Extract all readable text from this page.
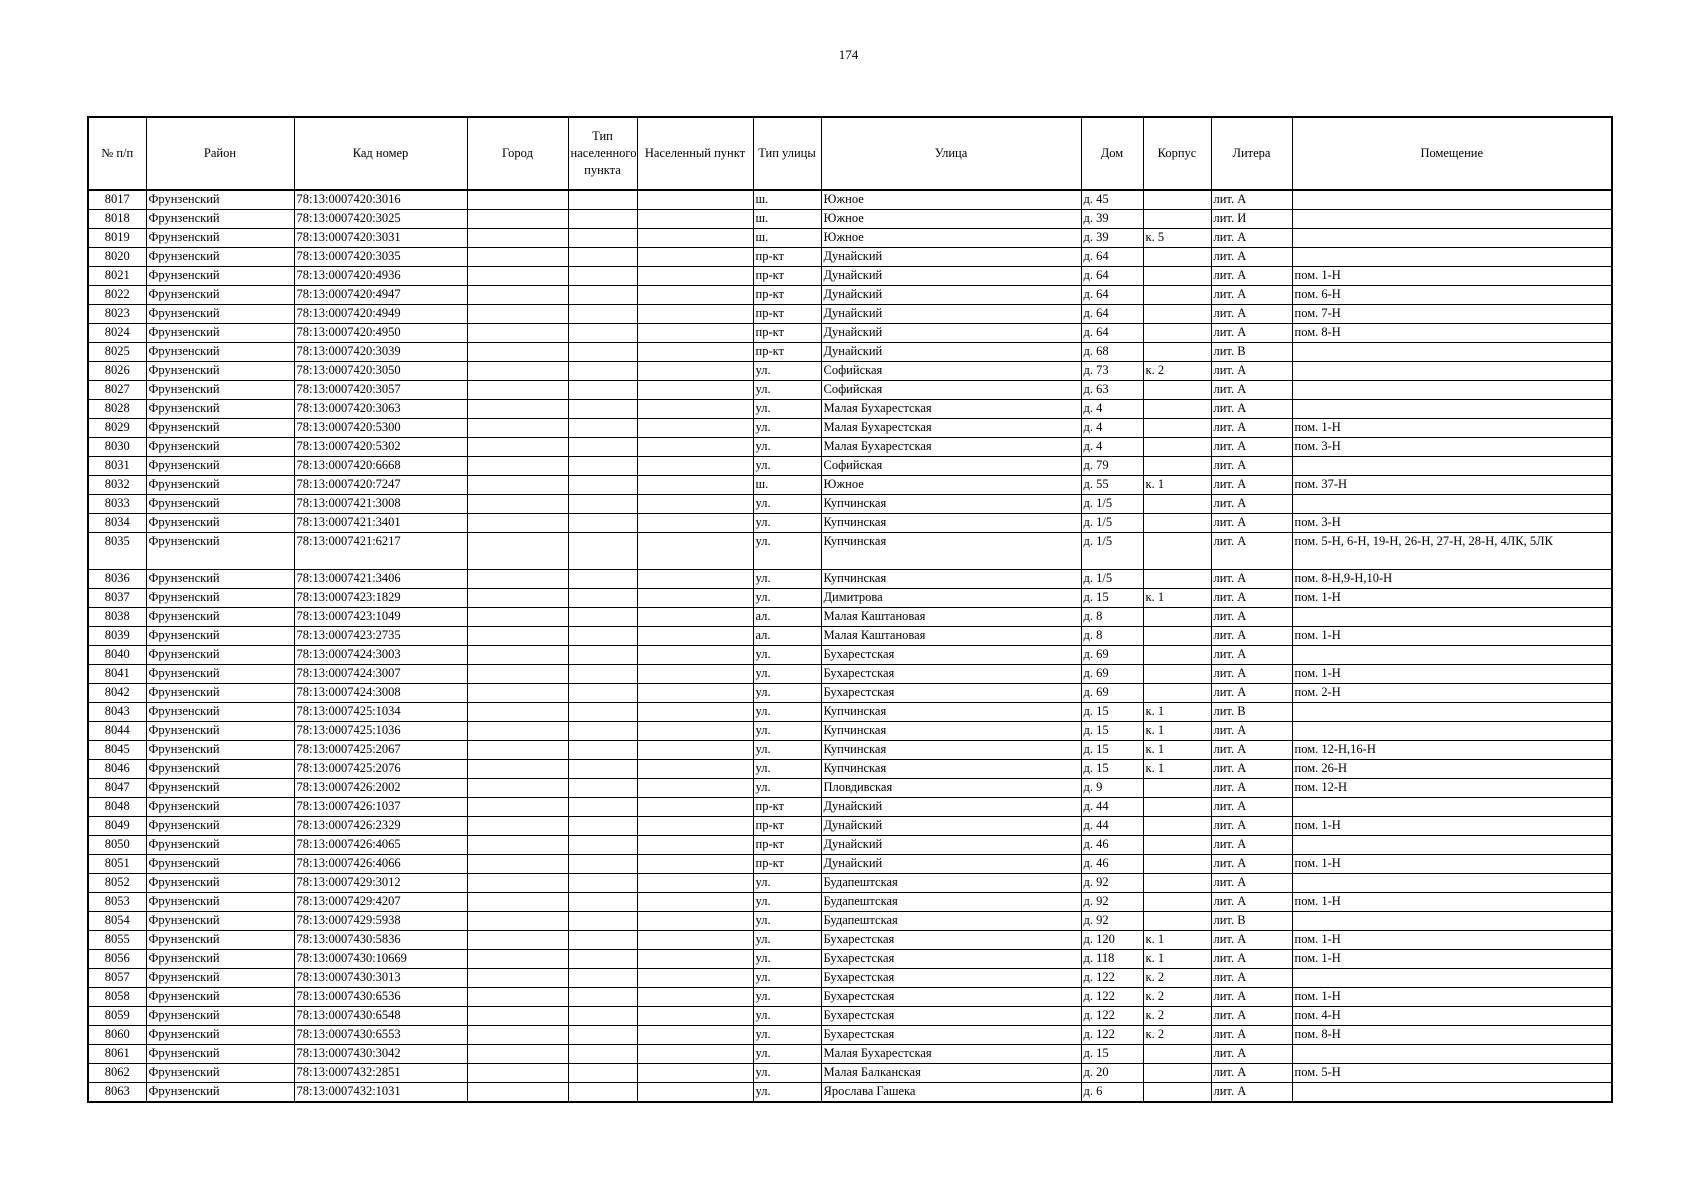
174
№ п/п	Район	Кад номер	Город	Тип населенного пункта	Населенный пункт	Тип улицы	Улица	Дом	Корпус	Литера	Помещение
8017	Фрунзенский	78:13:0007420:3016				ш.	Южное	д. 45		лит. А	
8018	Фрунзенский	78:13:0007420:3025				ш.	Южное	д. 39		лит. И	
8019	Фрунзенский	78:13:0007420:3031				ш.	Южное	д. 39	к. 5	лит. А	
8020	Фрунзенский	78:13:0007420:3035				пр-кт	Дунайский	д. 64		лит. А	
8021	Фрунзенский	78:13:0007420:4936				пр-кт	Дунайский	д. 64		лит. А	пом. 1-Н
8022	Фрунзенский	78:13:0007420:4947				пр-кт	Дунайский	д. 64		лит. А	пом. 6-Н
8023	Фрунзенский	78:13:0007420:4949				пр-кт	Дунайский	д. 64		лит. А	пом. 7-Н
8024	Фрунзенский	78:13:0007420:4950				пр-кт	Дунайский	д. 64		лит. А	пом. 8-Н
8025	Фрунзенский	78:13:0007420:3039				пр-кт	Дунайский	д. 68		лит. В	
8026	Фрунзенский	78:13:0007420:3050				ул.	Софийская	д. 73	к. 2	лит. А	
8027	Фрунзенский	78:13:0007420:3057				ул.	Софийская	д. 63		лит. А	
8028	Фрунзенский	78:13:0007420:3063				ул.	Малая Бухарестская	д. 4		лит. А	
8029	Фрунзенский	78:13:0007420:5300				ул.	Малая Бухарестская	д. 4		лит. А	пом. 1-Н
8030	Фрунзенский	78:13:0007420:5302				ул.	Малая Бухарестская	д. 4		лит. А	пом. 3-Н
8031	Фрунзенский	78:13:0007420:6668				ул.	Софийская	д. 79		лит. А	
8032	Фрунзенский	78:13:0007420:7247				ш.	Южное	д. 55	к. 1	лит. А	пом. 37-Н
8033	Фрунзенский	78:13:0007421:3008				ул.	Купчинская	д. 1/5		лит. А	
8034	Фрунзенский	78:13:0007421:3401				ул.	Купчинская	д. 1/5		лит. А	пом. 3-Н
8035	Фрунзенский	78:13:0007421:6217				ул.	Купчинская	д. 1/5		лит. А	пом. 5-Н, 6-Н, 19-Н, 26-Н, 27-Н, 28-Н, 4ЛК, 5ЛК
8036	Фрунзенский	78:13:0007421:3406				ул.	Купчинская	д. 1/5		лит. А	пом. 8-Н,9-Н,10-Н
8037	Фрунзенский	78:13:0007423:1829				ул.	Димитрова	д. 15	к. 1	лит. А	пом. 1-Н
8038	Фрунзенский	78:13:0007423:1049				ал.	Малая Каштановая	д. 8		лит. А	
8039	Фрунзенский	78:13:0007423:2735				ал.	Малая Каштановая	д. 8		лит. А	пом. 1-Н
8040	Фрунзенский	78:13:0007424:3003				ул.	Бухарестская	д. 69		лит. А	
8041	Фрунзенский	78:13:0007424:3007				ул.	Бухарестская	д. 69		лит. А	пом. 1-Н
8042	Фрунзенский	78:13:0007424:3008				ул.	Бухарестская	д. 69		лит. А	пом. 2-Н
8043	Фрунзенский	78:13:0007425:1034				ул.	Купчинская	д. 15	к. 1	лит. В	
8044	Фрунзенский	78:13:0007425:1036				ул.	Купчинская	д. 15	к. 1	лит. А	
8045	Фрунзенский	78:13:0007425:2067				ул.	Купчинская	д. 15	к. 1	лит. А	пом. 12-Н,16-Н
8046	Фрунзенский	78:13:0007425:2076				ул.	Купчинская	д. 15	к. 1	лит. А	пом. 26-Н
8047	Фрунзенский	78:13:0007426:2002				ул.	Пловдивская	д. 9		лит. А	пом. 12-Н
8048	Фрунзенский	78:13:0007426:1037				пр-кт	Дунайский	д. 44		лит. А	
8049	Фрунзенский	78:13:0007426:2329				пр-кт	Дунайский	д. 44		лит. А	пом. 1-Н
8050	Фрунзенский	78:13:0007426:4065				пр-кт	Дунайский	д. 46		лит. А	
8051	Фрунзенский	78:13:0007426:4066				пр-кт	Дунайский	д. 46		лит. А	пом. 1-Н
8052	Фрунзенский	78:13:0007429:3012				ул.	Будапештская	д. 92		лит. А	
8053	Фрунзенский	78:13:0007429:4207				ул.	Будапештская	д. 92		лит. А	пом. 1-Н
8054	Фрунзенский	78:13:0007429:5938				ул.	Будапештская	д. 92		лит. В	
8055	Фрунзенский	78:13:0007430:5836				ул.	Бухарестская	д. 120	к. 1	лит. А	пом. 1-Н
8056	Фрунзенский	78:13:0007430:10669				ул.	Бухарестская	д. 118	к. 1	лит. А	пом. 1-Н
8057	Фрунзенский	78:13:0007430:3013				ул.	Бухарестская	д. 122	к. 2	лит. А	
8058	Фрунзенский	78:13:0007430:6536				ул.	Бухарестская	д. 122	к. 2	лит. А	пом. 1-Н
8059	Фрунзенский	78:13:0007430:6548				ул.	Бухарестская	д. 122	к. 2	лит. А	пом. 4-Н
8060	Фрунзенский	78:13:0007430:6553				ул.	Бухарестская	д. 122	к. 2	лит. А	пом. 8-Н
8061	Фрунзенский	78:13:0007430:3042				ул.	Малая Бухарестская	д. 15		лит. А	
8062	Фрунзенский	78:13:0007432:2851				ул.	Малая Балканская	д. 20		лит. А	пом. 5-Н
8063	Фрунзенский	78:13:0007432:1031				ул.	Ярослава Гашека	д. 6		лит. А	
